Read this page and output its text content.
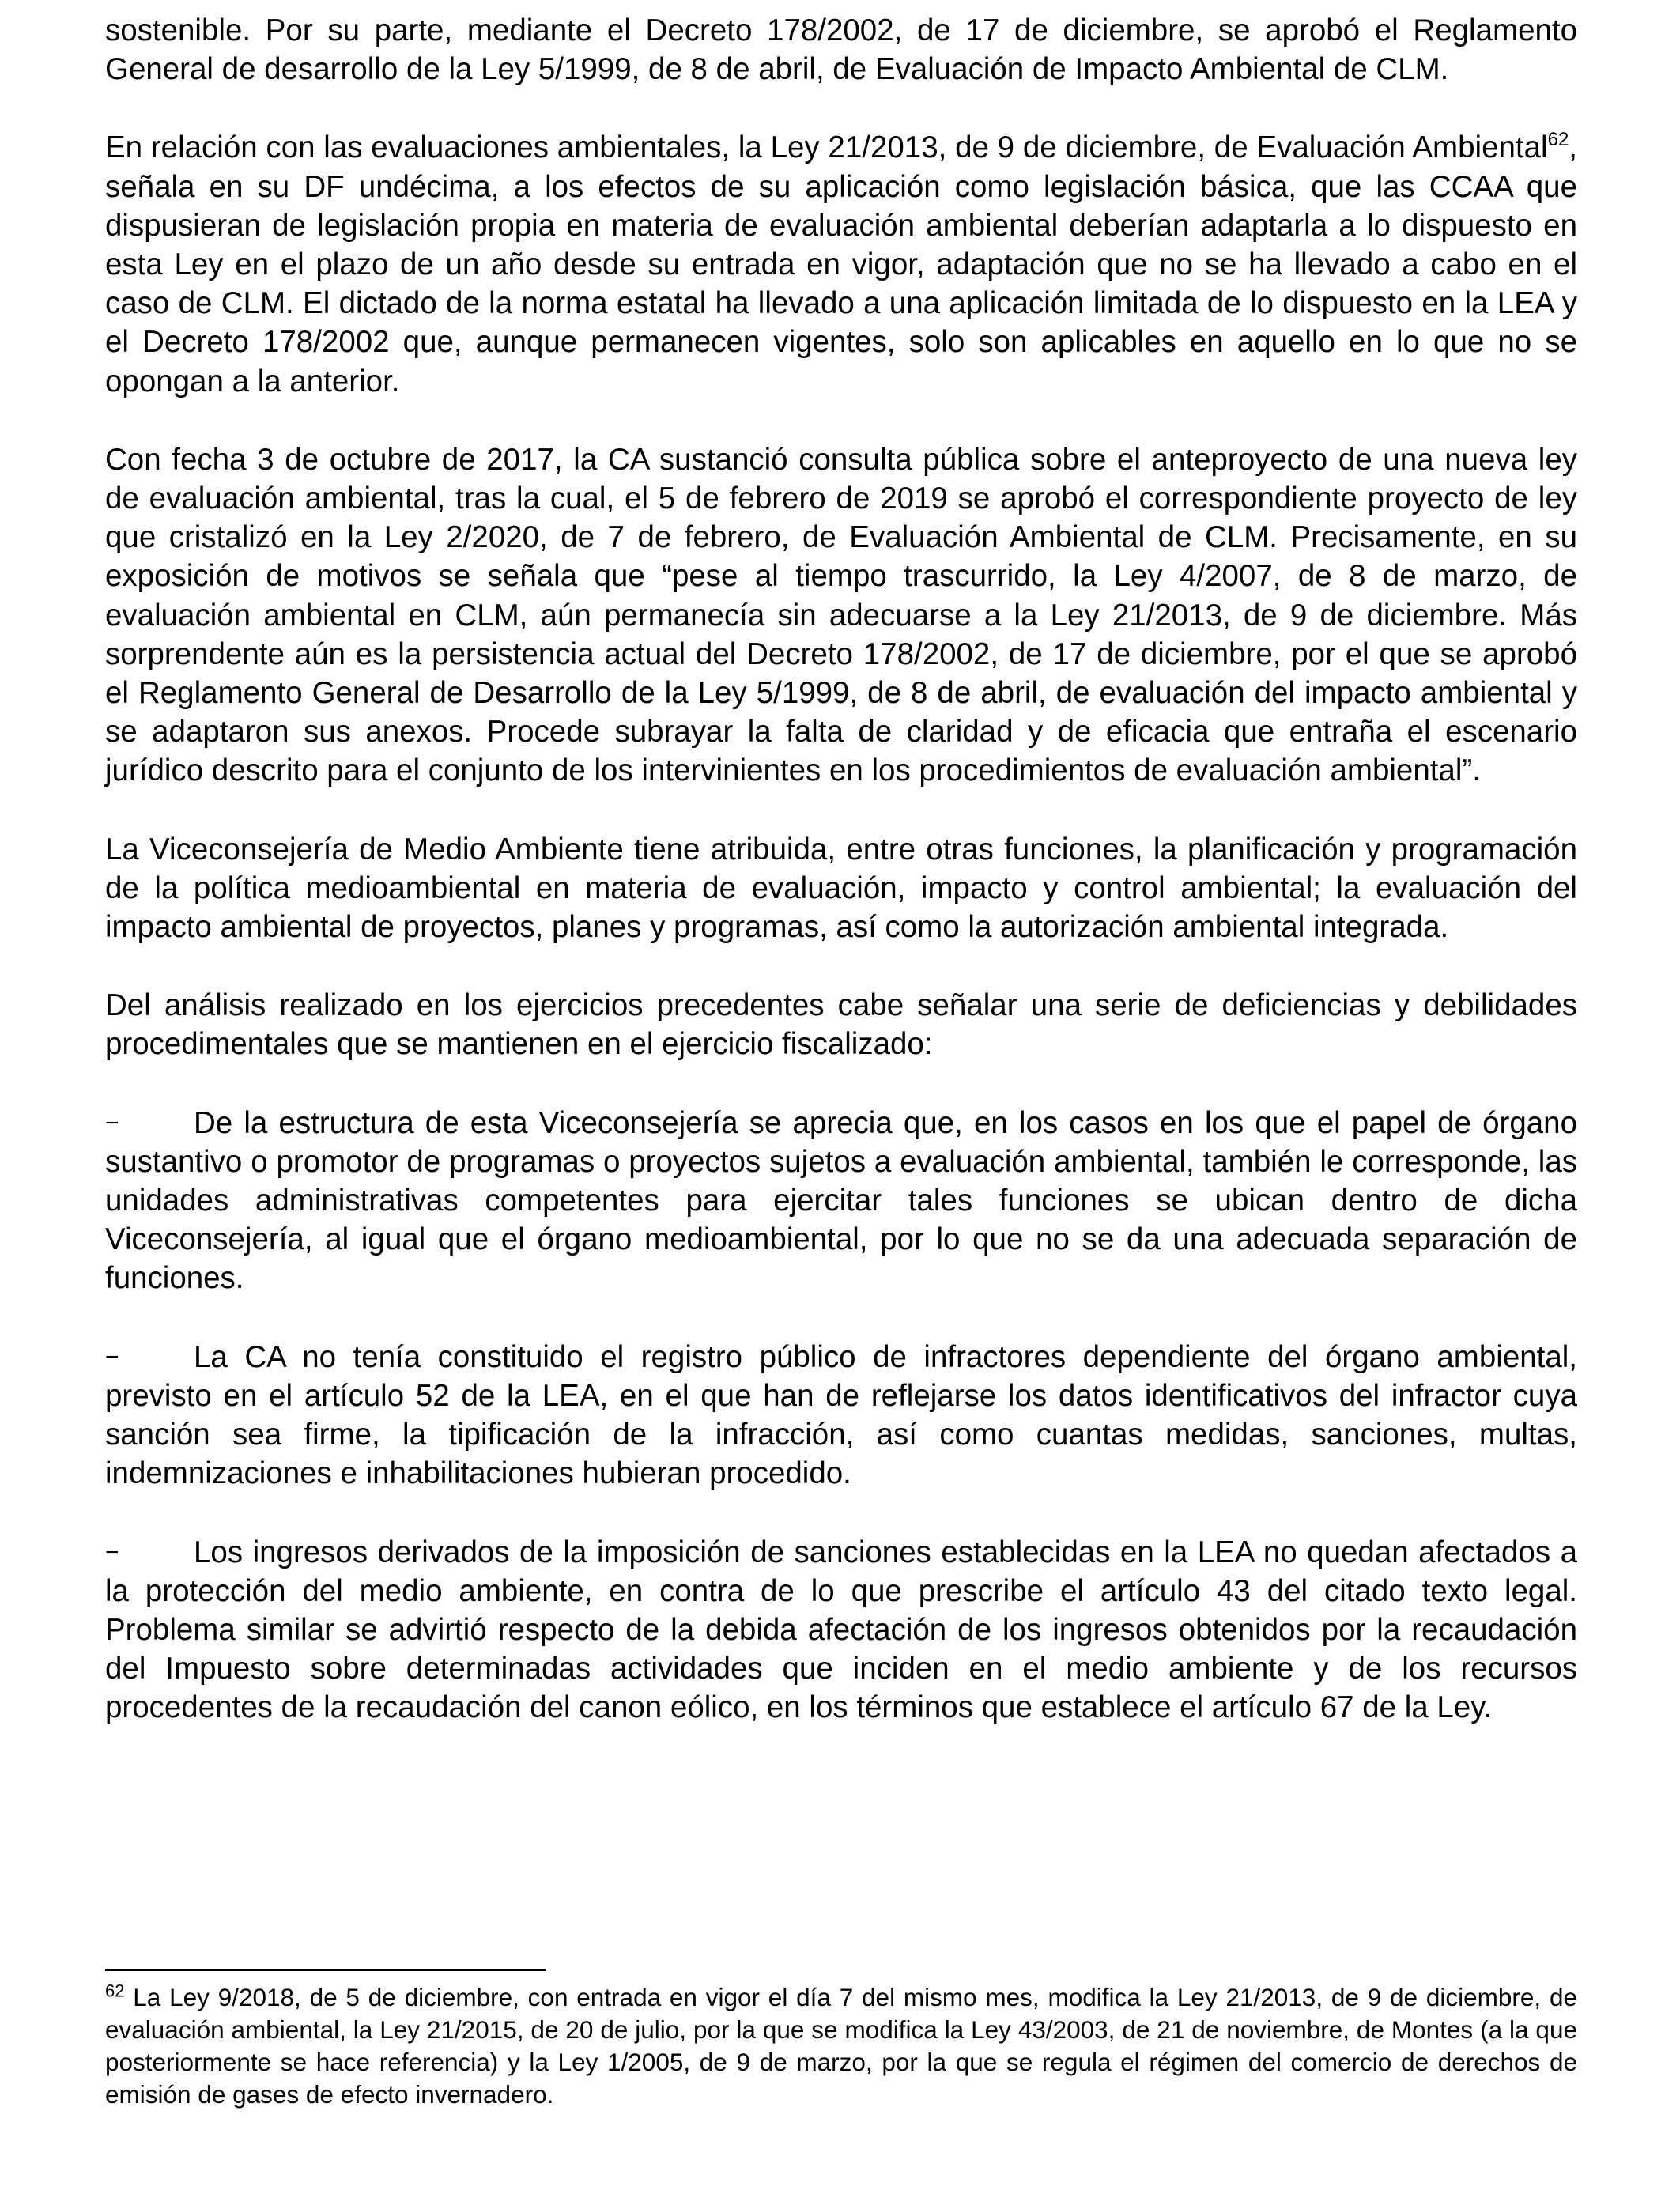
sostenible. Por su parte, mediante el Decreto 178/2002, de 17 de diciembre, se aprobó el Reglamento General de desarrollo de la Ley 5/1999, de 8 de abril, de Evaluación de Impacto Ambiental de CLM.

En relación con las evaluaciones ambientales, la Ley 21/2013, de 9 de diciembre, de Evaluación Ambiental$^{62}$, señala en su DF undécima, a los efectos de su aplicación como legislación básica, que las CCAA que dispusieran de legislación propia en materia de evaluación ambiental deberían adaptarla a lo dispuesto en esta Ley en el plazo de un año desde su entrada en vigor, adaptación que no se ha llevado a cabo en el caso de CLM. El dictado de la norma estatal ha llevado a una aplicación limitada de lo dispuesto en la LEA y el Decreto 178/2002 que, aunque permanecen vigentes, solo son aplicables en aquello en lo que no se opongan a la anterior.

Con fecha 3 de octubre de 2017, la CA sustanció consulta pública sobre el anteproyecto de una nueva ley de evaluación ambiental, tras la cual, el 5 de febrero de 2019 se aprobó el correspondiente proyecto de ley que cristalizó en la Ley 2/2020, de 7 de febrero, de Evaluación Ambiental de CLM. Precisamente, en su exposición de motivos se señala que “pese al tiempo trascurrido, la Ley 4/2007, de 8 de marzo, de evaluación ambiental en CLM, aún permanecía sin adecuarse a la Ley 21/2013, de 9 de diciembre. Más sorprendente aún es la persistencia actual del Decreto 178/2002, de 17 de diciembre, por el que se aprobó el Reglamento General de Desarrollo de la Ley 5/1999, de 8 de abril, de evaluación del impacto ambiental y se adaptaron sus anexos. Procede subrayar la falta de claridad y de eficacia que entraña el escenario jurídico descrito para el conjunto de los intervinientes en los procedimientos de evaluación ambiental”.

La Viceconsejería de Medio Ambiente tiene atribuida, entre otras funciones, la planificación y programación de la política medioambiental en materia de evaluación, impacto y control ambiental; la evaluación del impacto ambiental de proyectos, planes y programas, así como la autorización ambiental integrada.

Del análisis realizado en los ejercicios precedentes cabe señalar una serie de deficiencias y debilidades procedimentales que se mantienen en el ejercicio fiscalizado:

−	De la estructura de esta Viceconsejería se aprecia que, en los casos en los que el papel de órgano sustantivo o promotor de programas o proyectos sujetos a evaluación ambiental, también le corresponde, las unidades administrativas competentes para ejercitar tales funciones se ubican dentro de dicha Viceconsejería, al igual que el órgano medioambiental, por lo que no se da una adecuada separación de funciones.

−	La CA no tenía constituido el registro público de infractores dependiente del órgano ambiental, previsto en el artículo 52 de la LEA, en el que han de reflejarse los datos identificativos del infractor cuya sanción sea firme, la tipificación de la infracción, así como cuantas medidas, sanciones, multas, indemnizaciones e inhabilitaciones hubieran procedido.

−	Los ingresos derivados de la imposición de sanciones establecidas en la LEA no quedan afectados a la protección del medio ambiente, en contra de lo que prescribe el artículo 43 del citado texto legal. Problema similar se advirtió respecto de la debida afectación de los ingresos obtenidos por la recaudación del Impuesto sobre determinadas actividades que inciden en el medio ambiente y de los recursos procedentes de la recaudación del canon eólico, en los términos que establece el artículo 67 de la Ley.

$^{62}$ La Ley 9/2018, de 5 de diciembre, con entrada en vigor el día 7 del mismo mes, modifica la Ley 21/2013, de 9 de diciembre, de evaluación ambiental, la Ley 21/2015, de 20 de julio, por la que se modifica la Ley 43/2003, de 21 de noviembre, de Montes (a la que posteriormente se hace referencia) y la Ley 1/2005, de 9 de marzo, por la que se regula el régimen del comercio de derechos de emisión de gases de efecto invernadero.
